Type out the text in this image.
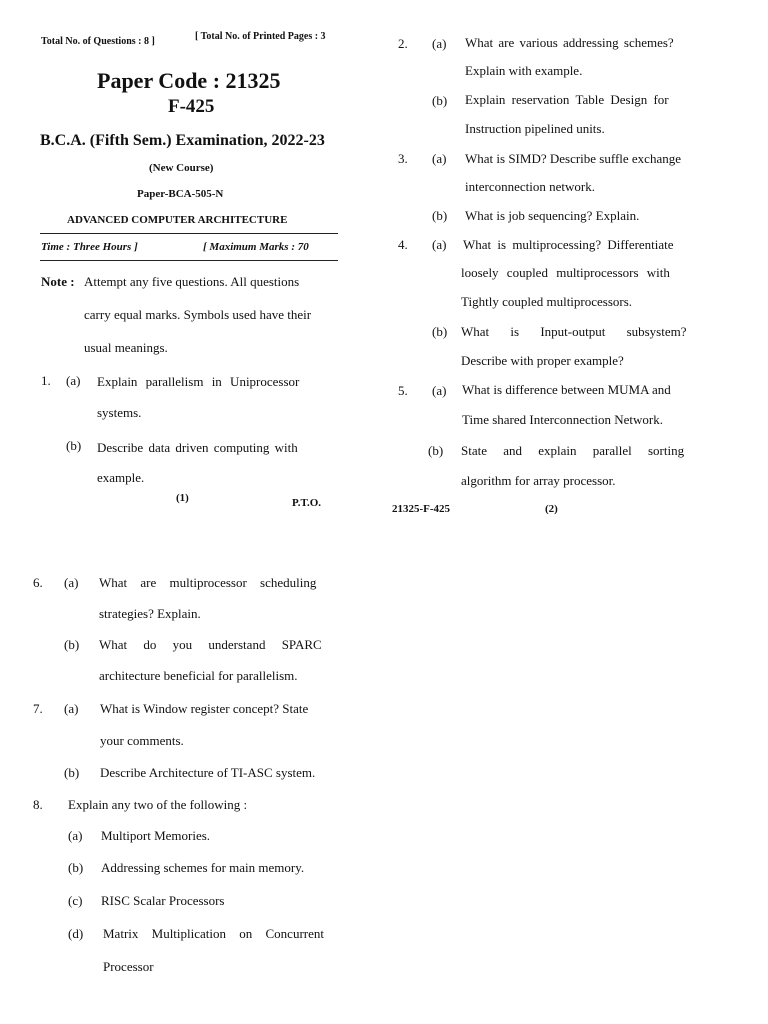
Total No. of Questions : 8 ]	[ Total No. of Printed Pages : 3
Paper Code : 21325
F-425
B.C.A. (Fifth Sem.) Examination, 2022-23
(New Course)
Paper-BCA-505-N
ADVANCED COMPUTER ARCHITECTURE
Time : Three Hours ]	[ Maximum Marks : 70
Note : Attempt any five questions. All questions
carry equal marks. Symbols used have their
usual meanings.
1. (a) Explain parallelism in Uniprocessor
systems.
(b) Describe data driven computing with
example.
(1)	P.T.O.
2. (a) What are various addressing schemes?
Explain with example.
(b) Explain reservation Table Design for
Instruction pipelined units.
3. (a) What is SIMD? Describe suffle exchange
interconnection network.
(b) What is job sequencing? Explain.
4. (a) What is multiprocessing? Differentiate
loosely coupled multiprocessors with
Tightly coupled multiprocessors.
(b) What is Input-output subsystem?
Describe with proper example?
5. (a) What is difference between MUMA and
Time shared Interconnection Network.
(b) State and explain parallel sorting
algorithm for array processor.
21325-F-425	(2)
6. (a) What are multiprocessor scheduling
strategies? Explain.
(b) What do you understand SPARC
architecture beneficial for parallelism.
7. (a) What is Window register concept? State
your comments.
(b) Describe Architecture of TI-ASC system.
8. Explain any two of the following :
(a) Multiport Memories.
(b) Addressing schemes for main memory.
(c) RISC Scalar Processors
(d) Matrix Multiplication on Concurrent
Processor
